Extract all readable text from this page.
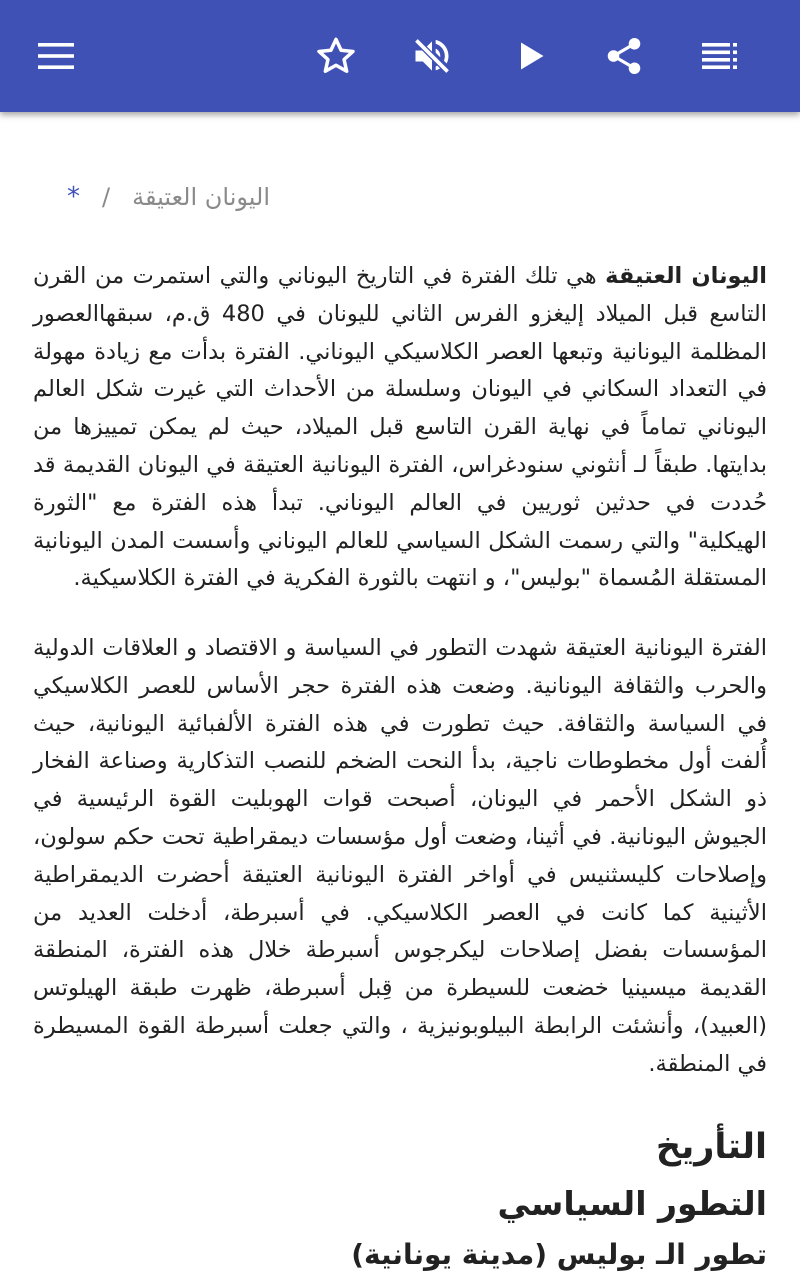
اليونان العتيقة
/
*

اليونان العتيقة هي تلك الفترة في التاريخ اليوناني والتي استمرت من القرن التاسع قبل الميلاد إليغزو الفرس الثاني لليونان في 480 ق.م، سبقهاالعصور المظلمة اليونانية وتبعها العصر الكلاسيكي اليوناني. الفترة بدأت مع زيادة مهولة في التعداد السكاني في اليونان وسلسلة من الأحداث التي غيرت شكل العالم اليوناني تماماً في نهاية القرن التاسع قبل الميلاد، حيث لم يمكن تمييزها من بدايتها. طبقاً لـ أنثوني سنودغراس، الفترة اليونانية العتيقة في اليونان القديمة قد حُددت في حدثين ثوريين في العالم اليوناني. تبدأ هذه الفترة مع "الثورة الهيكلية" والتي رسمت الشكل السياسي للعالم اليوناني وأسست المدن اليونانية المستقلة المُسماة "بوليس"، و انتهت بالثورة الفكرية في الفترة الكلاسيكية.

الفترة اليونانية العتيقة شهدت التطور في السياسة و الاقتصاد و العلاقات الدولية والحرب والثقافة اليونانية. وضعت هذه الفترة حجر الأساس للعصر الكلاسيكي في السياسة والثقافة. حيث تطورت في هذه الفترة الألفبائية اليونانية، حيث أُلفت أول مخطوطات ناجية، بدأ النحت الضخم للنصب التذكارية وصناعة الفخار ذو الشكل الأحمر في اليونان، أصبحت قوات الهوبليت القوة الرئيسية في الجيوش اليونانية. في أثينا، وضعت أول مؤسسات ديمقراطية تحت حكم سولون، وإصلاحات كليسثنيس في أواخر الفترة اليونانية العتيقة أحضرت الديمقراطية الأثينية كما كانت في العصر الكلاسيكي. في أسبرطة، أدخلت العديد من المؤسسات بفضل إصلاحات ليكرجوس أسبرطة خلال هذه الفترة، المنطقة القديمة ميسينيا خضعت للسيطرة من قِبل أسبرطة، ظهرت طبقة الهيلوتس (العبيد)، وأنشئت الرابطة البيلوبونيزية ، والتي جعلت أسبرطة القوة المسيطرة في المنطقة.

التأريخ
التطور السياسي
تطور الـ بوليس (مدينة يونانية)
